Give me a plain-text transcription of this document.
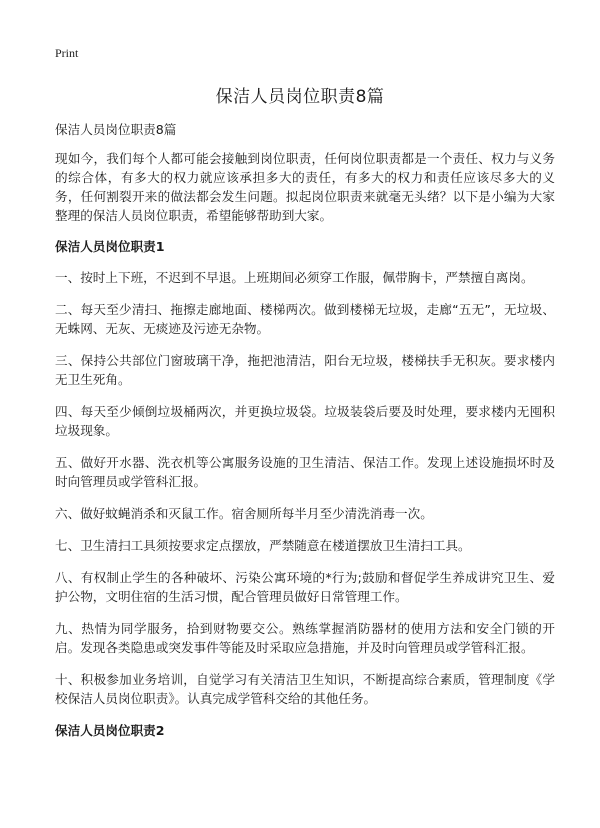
Print
保洁人员岗位职责8篇

保洁人员岗位职责8篇

现如今，我们每个人都可能会接触到岗位职责，任何岗位职责都是一个责任、权力与义务的综合体，有多大的权力就应该承担多大的责任，有多大的权力和责任应该尽多大的义务，任何割裂开来的做法都会发生问题。拟起岗位职责来就毫无头绪？以下是小编为大家整理的保洁人员岗位职责，希望能够帮助到大家。

保洁人员岗位职责1

一、按时上下班，不迟到不早退。上班期间必须穿工作服，佩带胸卡，严禁擅自离岗。

二、每天至少清扫、拖擦走廊地面、楼梯两次。做到楼梯无垃圾，走廊“五无”，无垃圾、无蛛网、无灰、无痰迹及污迹无杂物。

三、保持公共部位门窗玻璃干净，拖把池清洁，阳台无垃圾，楼梯扶手无积灰。要求楼内无卫生死角。

四、每天至少倾倒垃圾桶两次，并更换垃圾袋。垃圾装袋后要及时处理，要求楼内无囤积垃圾现象。

五、做好开水器、洗衣机等公寓服务设施的卫生清洁、保洁工作。发现上述设施损坏时及时向管理员或学管科汇报。

六、做好蚊蝇消杀和灭鼠工作。宿舍厕所每半月至少清洗消毒一次。

七、卫生清扫工具须按要求定点摆放，严禁随意在楼道摆放卫生清扫工具。

八、有权制止学生的各种破坏、污染公寓环境的*行为;鼓励和督促学生养成讲究卫生、爱护公物，文明住宿的生活习惯，配合管理员做好日常管理工作。

九、热情为同学服务，拾到财物要交公。熟练掌握消防器材的使用方法和安全门锁的开启。发现各类隐患或突发事件等能及时采取应急措施，并及时向管理员或学管科汇报。

十、积极参加业务培训，自觉学习有关清洁卫生知识，不断提高综合素质，管理制度《学校保洁人员岗位职责》。认真完成学管科交给的其他任务。

保洁人员岗位职责2
